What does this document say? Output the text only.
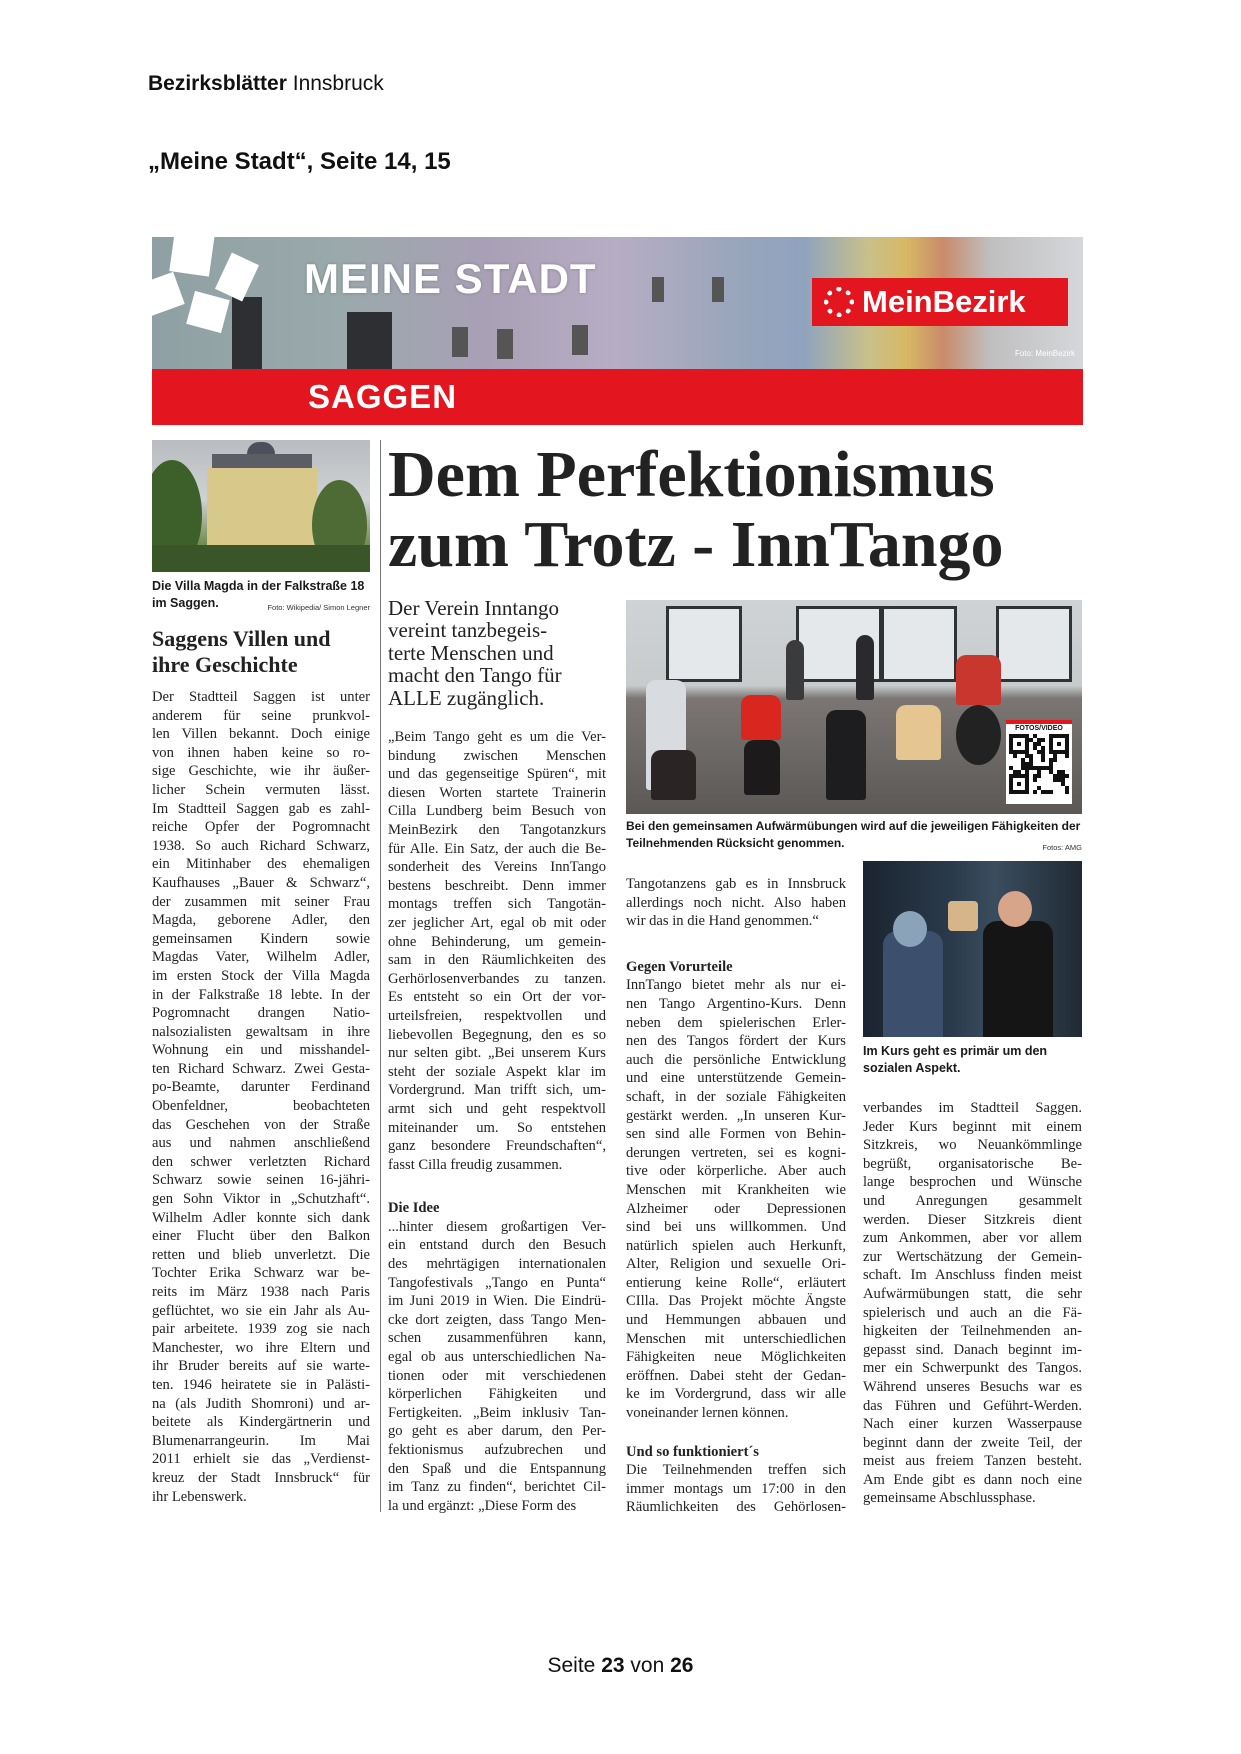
Bezirksblätter Innsbruck
„Meine Stadt“, Seite 14, 15
MEINE STADT	MeinBezirk
Foto: MeinBezirk
SAGGEN
Die Villa Magda in der Falkstraße 18 im Saggen.	Foto: Wikipedia/ Simon Legner
Dem Perfektionismus
zum Trotz - InnTango
Saggens Villen und
ihre Geschichte
Der Stadtteil Saggen ist unter
anderem für seine prunkvol-
len Villen bekannt. Doch einige
von ihnen haben keine so ro-
sige Geschichte, wie ihr äußer-
licher Schein vermuten lässt.
Im Stadtteil Saggen gab es zahl-
reiche Opfer der Pogromnacht
1938. So auch Richard Schwarz,
ein Mitinhaber des ehemaligen
Kaufhauses „Bauer & Schwarz“,
der zusammen mit seiner Frau
Magda, geborene Adler, den
gemeinsamen Kindern sowie
Magdas Vater, Wilhelm Adler,
im ersten Stock der Villa Magda
in der Falkstraße 18 lebte. In der
Pogromnacht drangen Natio-
nalsozialisten gewaltsam in ihre
Wohnung ein und misshandel-
ten Richard Schwarz. Zwei Gesta-
po-Beamte, darunter Ferdinand
Obenfeldner, beobachteten
das Geschehen von der Straße
aus und nahmen anschließend
den schwer verletzten Richard
Schwarz sowie seinen 16-jähri-
gen Sohn Viktor in „Schutzhaft“.
Wilhelm Adler konnte sich dank
einer Flucht über den Balkon
retten und blieb unverletzt. Die
Tochter Erika Schwarz war be-
reits im März 1938 nach Paris
geflüchtet, wo sie ein Jahr als Au-
pair arbeitete. 1939 zog sie nach
Manchester, wo ihre Eltern und
ihr Bruder bereits auf sie warte-
ten. 1946 heiratete sie in Palästi-
na (als Judith Shomroni) und ar-
beitete als Kindergärtnerin und
Blumenarrangeurin. Im Mai
2011 erhielt sie das „Verdienst-
kreuz der Stadt Innsbruck“ für
ihr Lebenswerk.
Der Verein Inntango
vereint tanzbegeis-
terte Menschen und
macht den Tango für
ALLE zugänglich.
„Beim Tango geht es um die Ver-
bindung zwischen Menschen
und das gegenseitige Spüren“, mit
diesen Worten startete Trainerin
Cilla Lundberg beim Besuch von
MeinBezirk den Tangotanzkurs
für Alle. Ein Satz, der auch die Be-
sonderheit des Vereins InnTango
bestens beschreibt. Denn immer
montags treffen sich Tangotän-
zer jeglicher Art, egal ob mit oder
ohne Behinderung, um gemein-
sam in den Räumlichkeiten des
Gerhörlosenverbandes zu tanzen.
Es entsteht so ein Ort der vor-
urteilsfreien, respektvollen und
liebevollen Begegnung, den es so
nur selten gibt. „Bei unserem Kurs
steht der soziale Aspekt klar im
Vordergrund. Man trifft sich, um-
armt sich und geht respektvoll
miteinander um. So entstehen
ganz besondere Freundschaften“,
fasst Cilla freudig zusammen.
Die Idee
...hinter diesem großartigen Ver-
ein entstand durch den Besuch
des mehrtägigen internationalen
Tangofestivals „Tango en Punta“
im Juni 2019 in Wien. Die Eindrü-
cke dort zeigten, dass Tango Men-
schen zusammenführen kann,
egal ob aus unterschiedlichen Na-
tionen oder mit verschiedenen
körperlichen Fähigkeiten und
Fertigkeiten. „Beim inklusiv Tan-
go geht es aber darum, den Per-
fektionismus aufzubrechen und
den Spaß und die Entspannung
im Tanz zu finden“, berichtet Cil-
la und ergänzt: „Diese Form des
FOTOS/VIDEO
Bei den gemeinsamen Aufwärmübungen wird auf die jeweiligen Fähigkeiten der Teilnehmenden Rücksicht genommen.	Fotos: AMG
Tangotanzens gab es in Innsbruck
allerdings noch nicht. Also haben
wir das in die Hand genommen.“
Gegen Vorurteile
InnTango bietet mehr als nur ei-
nen Tango Argentino-Kurs. Denn
neben dem spielerischen Erler-
nen des Tangos fördert der Kurs
auch die persönliche Entwicklung
und eine unterstützende Gemein-
schaft, in der soziale Fähigkeiten
gestärkt werden. „In unseren Kur-
sen sind alle Formen von Behin-
derungen vertreten, sei es kogni-
tive oder körperliche. Aber auch
Menschen mit Krankheiten wie
Alzheimer oder Depressionen
sind bei uns willkommen. Und
natürlich spielen auch Herkunft,
Alter, Religion und sexuelle Ori-
entierung keine Rolle“, erläutert
CIlla. Das Projekt möchte Ängste
und Hemmungen abbauen und
Menschen mit unterschiedlichen
Fähigkeiten neue Möglichkeiten
eröffnen. Dabei steht der Gedan-
ke im Vordergrund, dass wir alle
voneinander lernen können.
Und so funktioniert´s
Die Teilnehmenden treffen sich
immer montags um 17:00 in den
Räumlichkeiten des Gehörlosen-
Im Kurs geht es primär um den sozialen Aspekt.
verbandes im Stadtteil Saggen.
Jeder Kurs beginnt mit einem
Sitzkreis, wo Neuankömmlinge
begrüßt, organisatorische Be-
lange besprochen und Wünsche
und Anregungen gesammelt
werden. Dieser Sitzkreis dient
zum Ankommen, aber vor allem
zur Wertschätzung der Gemein-
schaft. Im Anschluss finden meist
Aufwärmübungen statt, die sehr
spielerisch und auch an die Fä-
higkeiten der Teilnehmenden an-
gepasst sind. Danach beginnt im-
mer ein Schwerpunkt des Tangos.
Während unseres Besuchs war es
das Führen und Geführt-Werden.
Nach einer kurzen Wasserpause
beginnt dann der zweite Teil, der
meist aus freiem Tanzen besteht.
Am Ende gibt es dann noch eine
gemeinsame Abschlussphase.
Seite 23 von 26
